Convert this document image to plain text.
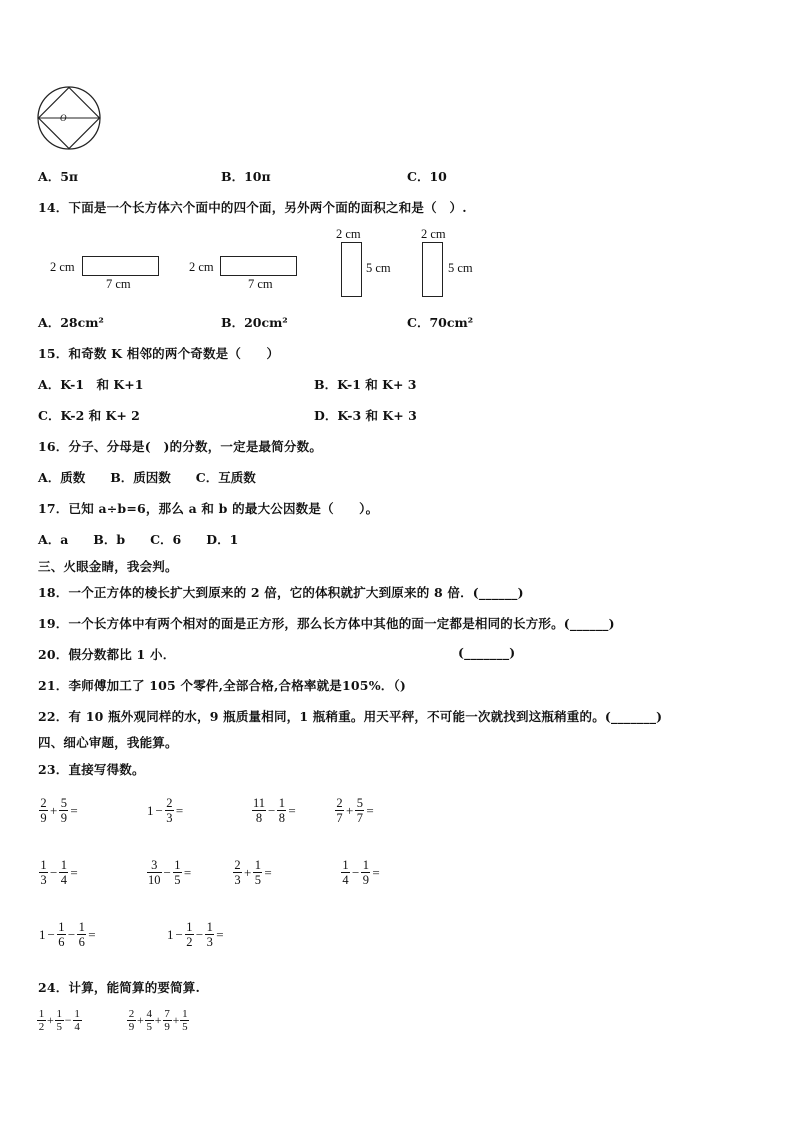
O
A．5π	B．10π	C．10
14．下面是一个长方体六个面中的四个面，另外两个面的面积之和是（　）.
2 cm
7 cm
2 cm
7 cm
2 cm
5 cm
2 cm
5 cm
A．28cm²	B．20cm²	C．70cm²
15．和奇数 K 相邻的两个奇数是（　　）
A．K-1　和 K+1	B．K-1 和 K+ 3
C．K-2 和 K+ 2	D．K-3 和 K+ 3
16．分子、分母是(　)的分数，一定是最简分数。
A．质数　　B．质因数　　C．互质数
17．已知 a÷b=6，那么 a 和 b 的最大公因数是（　　）。
A．a　　B．b　　C．6　　D．1
三、火眼金睛，我会判。
18．一个正方体的棱长扩大到原来的 2 倍，它的体积就扩大到原来的 8 倍．(______)
19．一个长方体中有两个相对的面是正方形，那么长方体中其他的面一定都是相同的长方形。(______)
20．假分数都比 1 小．	(_______)
21．李师傅加工了 105 个零件,全部合格,合格率就是105%．（)
22．有 10 瓶外观同样的水，9 瓶质量相同，1 瓶稍重。用天平秤，不可能一次就找到这瓶稍重的。(_______)
四、细心审题，我能算。
23．直接写得数。
$\frac{2}{9} + \frac{5}{9}$ =	$1 - \frac{2}{3}$ =	$\frac{11}{8} - \frac{1}{8}$ =	$\frac{2}{7} + \frac{5}{7}$ =
$\frac{1}{3} - \frac{1}{4}$ =	$\frac{3}{10} - \frac{1}{5}$ =	$\frac{2}{3} + \frac{1}{5}$ =	$\frac{1}{4} - \frac{1}{9}$ =
$1 - \frac{1}{6} - \frac{1}{6}$ =	$1 - \frac{1}{2} - \frac{1}{3}$ =
24．计算，能简算的要简算.
$\frac{1}{2} + \frac{1}{5} - \frac{1}{4}$	$\frac{2}{9} + \frac{4}{5} + \frac{7}{9} + \frac{1}{5}$
